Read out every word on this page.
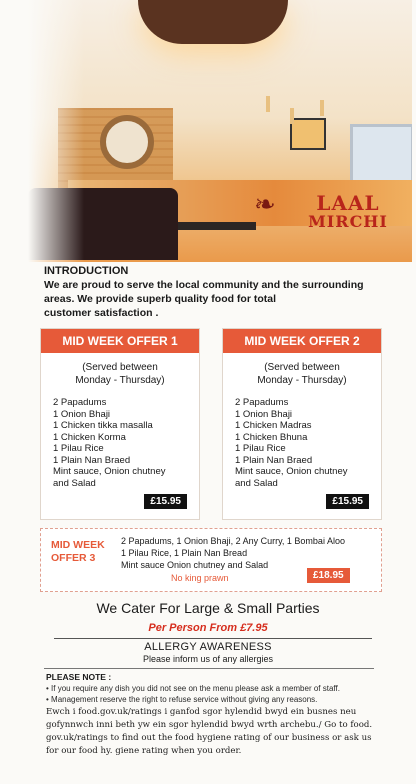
❧	LAAL
MIRCHI
INTRODUCTION
We are proud to serve the local community and the surrounding
areas. We provide superb quality food for total
customer satisfaction .
MID WEEK OFFER 1
(Served between
Monday - Thursday)
2 Papadums
1 Onion Bhaji
1 Chicken tikka masalla
1 Chicken Korma
1 Pilau Rice
1 Plain Nan Braed
Mint sauce, Onion chutney
and Salad
£15.95
MID WEEK OFFER 2
(Served between
Monday - Thursday)
2 Papadums
1 Onion Bhaji
1 Chicken Madras
1 Chicken Bhuna
1 Pilau Rice
1 Plain Nan Braed
Mint sauce, Onion chutney
and Salad
£15.95
MID WEEK
OFFER 3
2 Papadums, 1 Onion Bhaji, 2 Any Curry, 1 Bombai Aloo
1 Pilau Rice, 1 Plain Nan Bread
Mint sauce Onion chutney and Salad
No king prawn	£18.95
We Cater For Large & Small Parties
Per Person From £7.95
ALLERGY AWARENESS
Please inform us of any allergies
PLEASE NOTE :
• If you require any dish you did not see on the menu please ask a member of staff.
• Management reserve the right to refuse service without giving any reasons.
Ewch i food.gov.uk/ratings i ganfod sgor hylendid bwyd ein busnes neu
gofynnwch inni beth yw ein sgor hylendid bwyd wrth archebu./ Go to food.
gov.uk/ratings to find out the food hygiene rating of our business or ask us
for our food hy. giene rating when you order.
